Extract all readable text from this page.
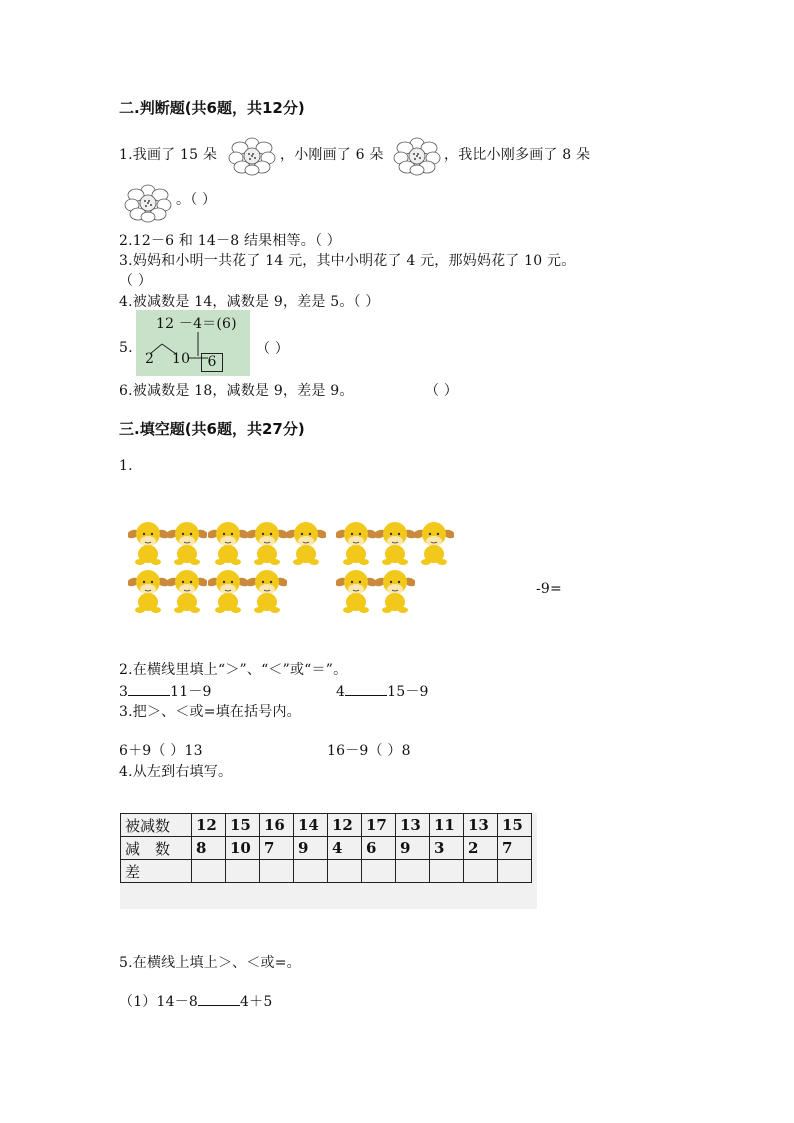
二.判断题(共6题，共12分)
1.我画了 15 朵	，小刚画了 6 朵	，我比小刚多画了 8 朵
。（ ）
2.12－6 和 14－8 结果相等。（ ）
3.妈妈和小明一共花了 14 元，其中小明花了 4 元，那妈妈花了 10 元。
（ ）
4.被减数是 14，减数是 9，差是 5。（ ）
5.
12 －4＝(6)
2 10	6
（ ）
6.被减数是 18，减数是 9，差是 9。	（ ）
三.填空题(共6题，共27分)
1.
-9=
2.在横线里填上“＞”、“＜”或“＝”。
3	11－9	4	15－9
3.把＞、＜或=填在括号内。
6＋9（ ）13	16－9（ ）8
4.从左到右填写。
被减数	12	15	16	14	12	17	13	11	13	15
减　数	8	10	7	9	4	6	9	3	2	7
差										
5.在横线上填上＞、＜或=。
（1）14－8	4＋5
